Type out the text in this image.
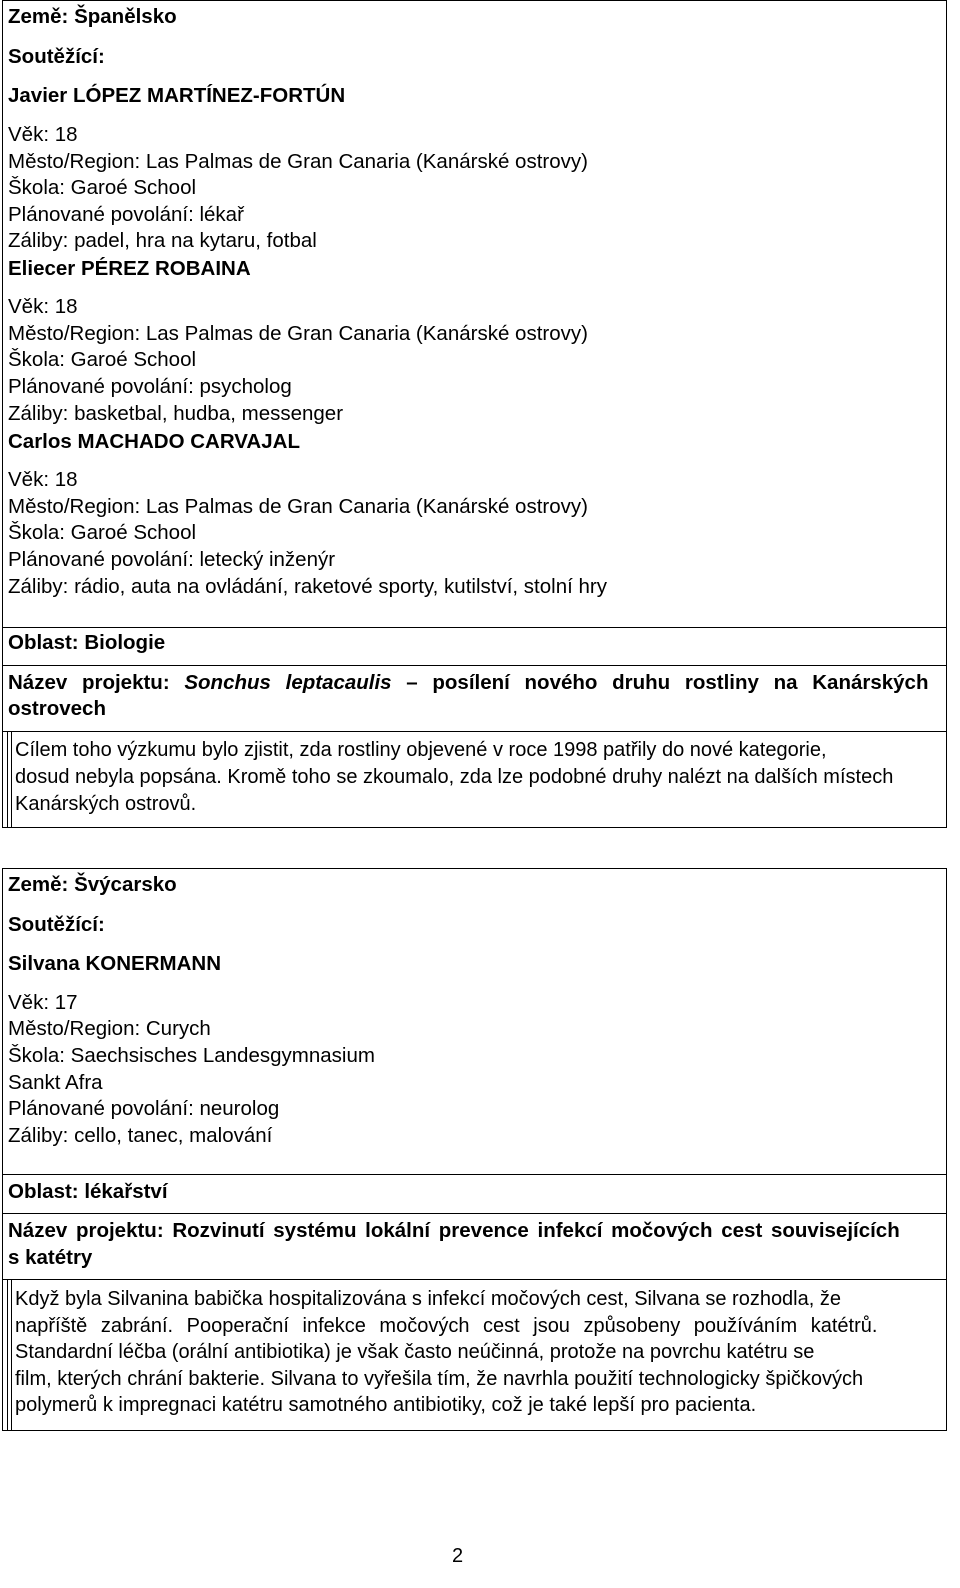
Země: Španělsko
Soutěžící:
Javier LÓPEZ MARTÍNEZ-FORTÚN
Věk: 18
Město/Region: Las Palmas de Gran Canaria (Kanárské ostrovy)
Škola: Garoé School
Plánované povolání: lékař
Záliby: padel, hra na kytaru, fotbal
Eliecer PÉREZ ROBAINA
Věk: 18
Město/Region: Las Palmas de Gran Canaria (Kanárské ostrovy)
Škola: Garoé School
Plánované povolání: psycholog
Záliby: basketbal, hudba, messenger
Carlos MACHADO CARVAJAL
Věk: 18
Město/Region: Las Palmas de Gran Canaria (Kanárské ostrovy)
Škola: Garoé School
Plánované povolání: letecký inženýr
Záliby: rádio, auta na ovládání, raketové sporty, kutilství, stolní hry
Oblast: Biologie
Název projektu: Sonchus leptacaulis – posílení nového druhu rostliny na Kanárských
ostrovech
Cílem toho výzkumu bylo zjistit, zda rostliny objevené v roce 1998 patřily do nové kategorie,
dosud nebyla popsána. Kromě toho se zkoumalo, zda lze podobné druhy nalézt na dalších místech
Kanárských ostrovů.
Země: Švýcarsko
Soutěžící:
Silvana KONERMANN
Věk: 17
Město/Region: Curych
Škola: Saechsisches Landesgymnasium
Sankt Afra
Plánované povolání: neurolog
Záliby: cello, tanec, malování
Oblast: lékařství
Název projektu: Rozvinutí systému lokální prevence infekcí močových cest souvisejících
s katétry
Když byla Silvanina babička hospitalizována s infekcí močových cest, Silvana se rozhodla, že
napříště zabrání. Pooperační infekce močových cest jsou způsobeny používáním katétrů.
Standardní léčba (orální antibiotika) je však často neúčinná, protože na povrchu katétru se
film, kterých chrání bakterie. Silvana to vyřešila tím, že navrhla použití technologicky špičkových
polymerů k impregnaci katétru samotného antibiotiky, což je také lepší pro pacienta.
2
